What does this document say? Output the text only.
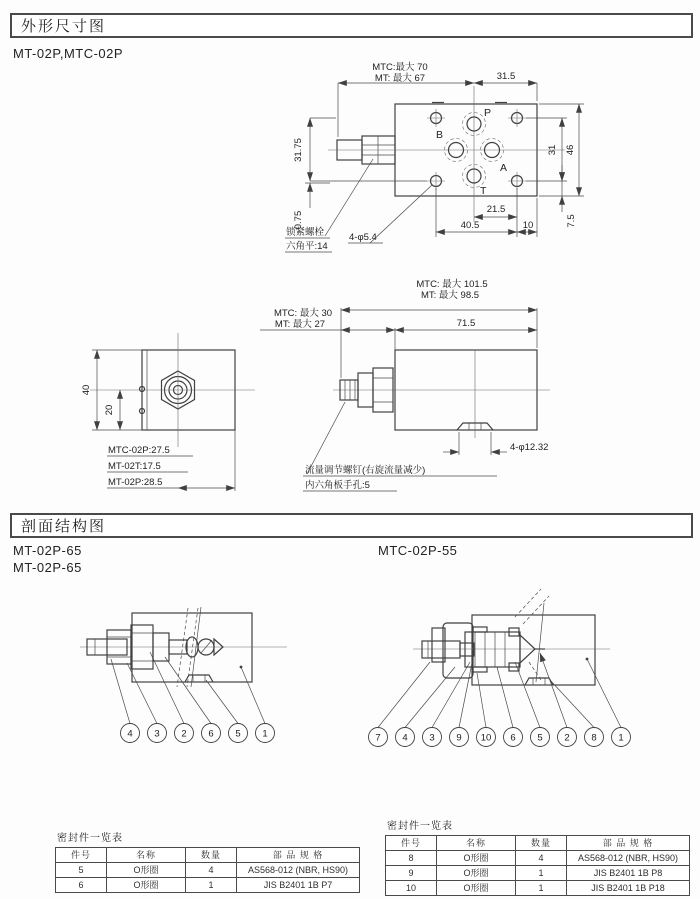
外形尺寸图
MT-02P,MTC-02P
P
B
A
T
MTC:最大 70
MT: 最大 67	31.5
31.75
0.75
31 46
7.5
21.5
40.5	10
锁紧螺栓
六角平:14
4-φ5.4
40
20
MTC-02P:27.5
MT-02T:17.5
MT-02P:28.5
MTC: 最大 101.5
MT: 最大 98.5
MTC: 最大 30
MT: 最大 27	71.5
4-φ12.32
流量调节螺钉(右旋流量减少)
内六角板手孔:5
剖面结构图
MT-02P-65
MT-02P-65
MTC-02P-55
4 3 2 6 5 1	7 4 3 9 10 6 5 2 8 1
密封件一览表
件号	名称	数量	部 品 规 格
5	O形圈	4	AS568-012 (NBR, HS90)
6	O形圈	1	JIS B2401 1B P7
密封件一览表
件号	名称	数量	部 品 规 格
8	O形圈	4	AS568-012 (NBR, HS90)
9	O形圈	1	JIS B2401 1B P8
10	O形圈	1	JIS B2401 1B P18
